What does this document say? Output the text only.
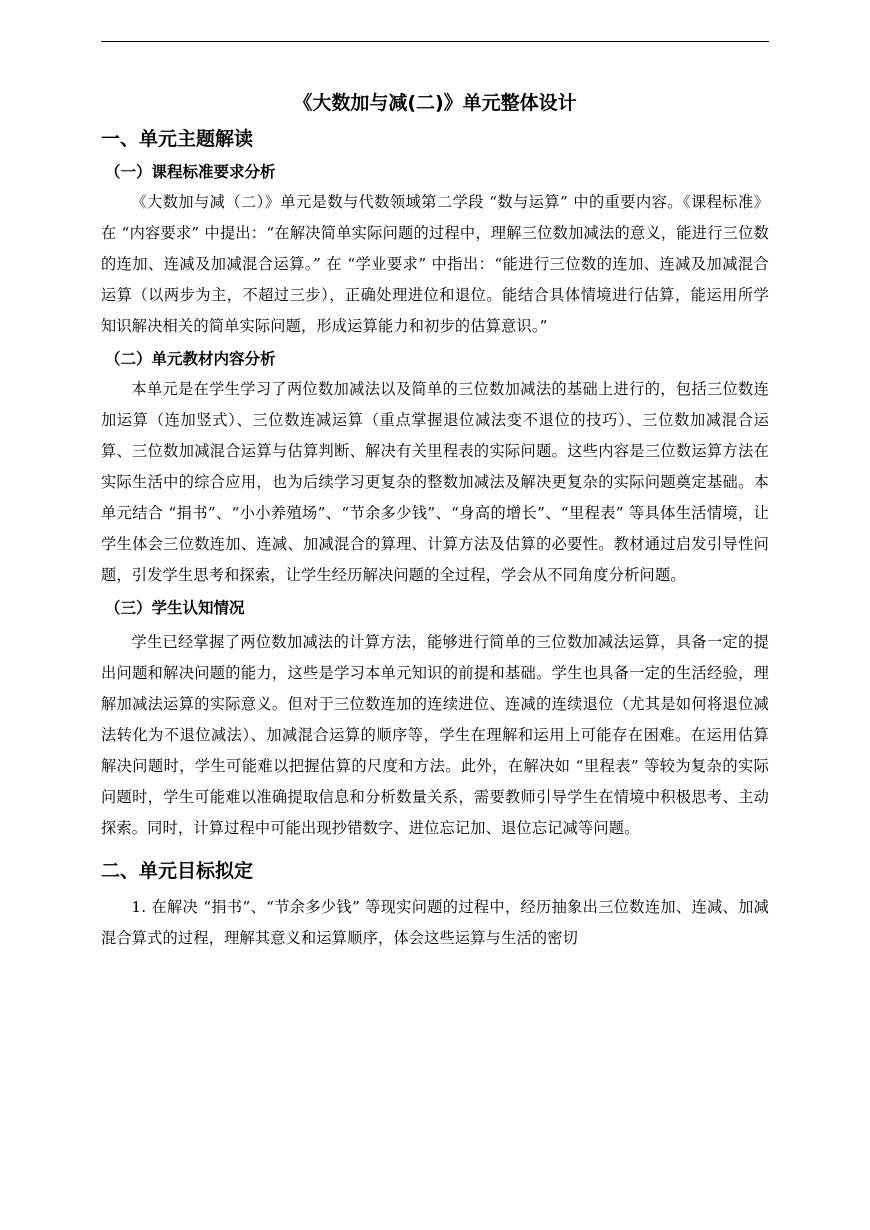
《大数加与减(二)》单元整体设计
一、单元主题解读
（一）课程标准要求分析

《大数加与减（二）》单元是数与代数领域第二学段 “数与运算” 中的重要内容。《课程标准》在 “内容要求” 中提出：“在解决简单实际问题的过程中，理解三位数加减法的意义，能进行三位数的连加、连减及加减混合运算。” 在 “学业要求” 中指出：“能进行三位数的连加、连减及加减混合运算（以两步为主，不超过三步），正确处理进位和退位。能结合具体情境进行估算，能运用所学知识解决相关的简单实际问题，形成运算能力和初步的估算意识。”

（二）单元教材内容分析

本单元是在学生学习了两位数加减法以及简单的三位数加减法的基础上进行的，包括三位数连加运算（连加竖式）、三位数连减运算（重点掌握退位减法变不退位的技巧）、三位数加减混合运算、三位数加减混合运算与估算判断、解决有关里程表的实际问题。这些内容是三位数运算方法在实际生活中的综合应用，也为后续学习更复杂的整数加减法及解决更复杂的实际问题奠定基础。本单元结合 “捐书”、“小小养殖场”、“节余多少钱”、“身高的增长”、“里程表” 等具体生活情境，让学生体会三位数连加、连减、加减混合的算理、计算方法及估算的必要性。教材通过启发引导性问题，引发学生思考和探索，让学生经历解决问题的全过程，学会从不同角度分析问题。

（三）学生认知情况

学生已经掌握了两位数加减法的计算方法，能够进行简单的三位数加减法运算，具备一定的提出问题和解决问题的能力，这些是学习本单元知识的前提和基础。学生也具备一定的生活经验，理解加减法运算的实际意义。但对于三位数连加的连续进位、连减的连续退位（尤其是如何将退位减法转化为不退位减法）、加减混合运算的顺序等，学生在理解和运用上可能存在困难。在运用估算解决问题时，学生可能难以把握估算的尺度和方法。此外，在解决如 “里程表” 等较为复杂的实际问题时，学生可能难以准确提取信息和分析数量关系，需要教师引导学生在情境中积极思考、主动探索。同时，计算过程中可能出现抄错数字、进位忘记加、退位忘记减等问题。

二、单元目标拟定

1. 在解决 “捐书”、“节余多少钱” 等现实问题的过程中，经历抽象出三位数连加、连减、加减混合算式的过程，理解其意义和运算顺序，体会这些运算与生活的密切
